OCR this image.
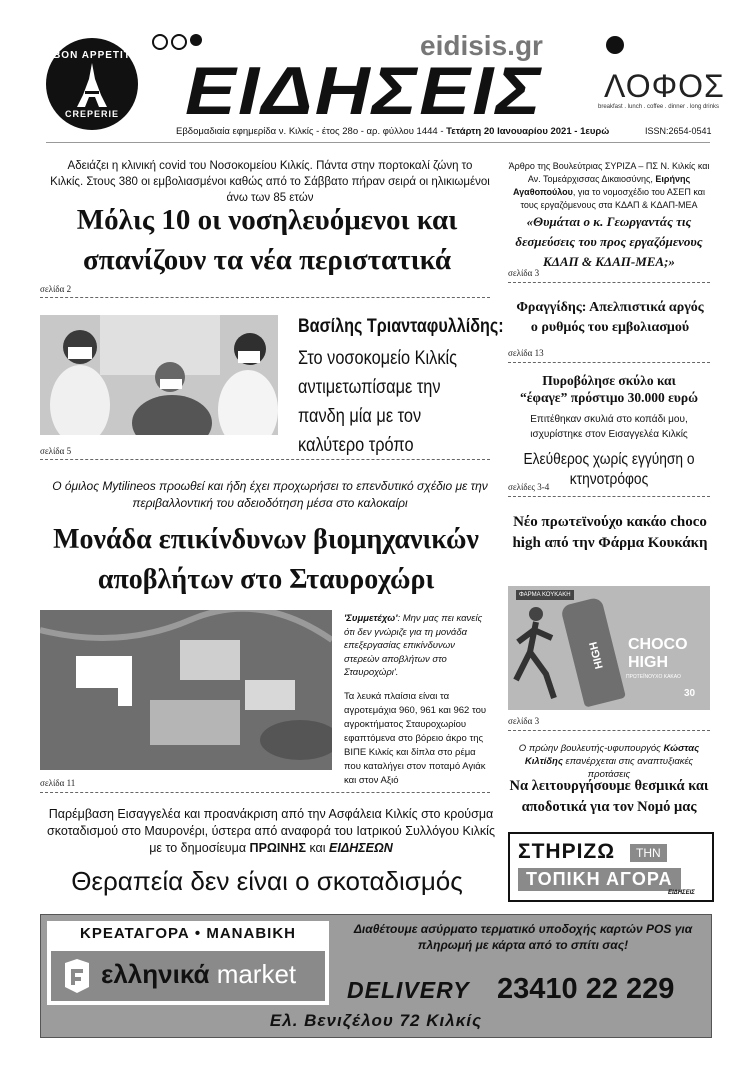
BON APPETIT
CREPERIE
eidisis.gr
ΕΙΔΗΣΕΙΣ ΛΟΦΟΣ
breakfast . lunch . coffee . dinner . long drinks
Εβδομαδιαία εφημερίδα ν. Κιλκίς - έτος 28ο - αρ. φύλλου 1444 - Τετάρτη 20 Ιανουαρίου 2021 - 1ευρώ	ISSN:2654-0541
Αδειάζει η κλινική covid του Νοσοκομείου Κιλκίς. Πάντα στην πορτοκαλί ζώνη το Κιλκίς. Στους 380 οι εμβολιασμένοι καθώς από το Σάββατο πήραν σειρά οι ηλικιωμένοι άνω των 85 ετών
Μόλις 10 οι νοσηλευόμενοι και σπανίζουν τα νέα περιστατικά
σελίδα 2
Βασίλης Τριανταφυλλίδης:
Στο νοσοκομείο Κιλκίς αντιμετωπίσαμε την πανδη μία με τον καλύτερο τρόπο
σελίδα 5
Ο όμιλος Mytilineos προωθεί και ήδη έχει προχωρήσει το επενδυτικό σχέδιο με την περιβαλλοντική του αδειοδότηση μέσα στο καλοκαίρι
Μονάδα επικίνδυνων βιομηχανικών αποβλήτων στο Σταυροχώρι
'Συμμετέχω': Μην μας πει κανείς ότι δεν γνώριζε για τη μονάδα επεξεργασίας επικίνδυνων στερεών αποβλήτων στο Σταυροχώρι'.
Τα λευκά πλαίσια είναι τα αγροτεμάχια 960, 961 και 962 του αγροκτήματος Σταυροχωρίου εφαπτόμενα στο βόρειο άκρο της ΒΙΠΕ Κιλκίς και δίπλα στο ρέμα που καταλήγει στον ποταμό Αγιάκ και στον Αξιό
σελίδα 11
Παρέμβαση Εισαγγελέα και προανάκριση από την Ασφάλεια Κιλκίς στο κρούσμα σκοταδισμού στο Μαυρονέρι, ύστερα από αναφορά του Ιατρικού Συλλόγου Κιλκίς με το δημοσίευμα ΠΡΩΙΝΗΣ και ΕΙΔΗΣΕΩΝ
Θεραπεία δεν είναι ο σκοταδισμός
Άρθρο της Βουλεύτριας ΣΥΡΙΖΑ – ΠΣ Ν. Κιλκίς και Αν. Τομεάρχισσας Δικαιοσύνης, Ειρήνης Αγαθοπούλου, για το νομοσχέδιο του ΑΣΕΠ και τους εργαζόμενους στα ΚΔΑΠ & ΚΔΑΠ-ΜΕΑ
«Θυμάται ο κ. Γεωργαντάς τις δεσμεύσεις του προς εργαζόμενους ΚΔΑΠ & ΚΔΑΠ-ΜΕΑ;»
σελίδα 3
Φραγγίδης: Απελπιστικά αργός ο ρυθμός του εμβολιασμού
σελίδα 13
Πυροβόλησε σκύλο και
“έφαγε” πρόστιμο 30.000 ευρώ
Επιτέθηκαν σκυλιά στο κοπάδι μου, ισχυρίστηκε στον Εισαγγελέα Κιλκίς
Ελεύθερος χωρίς εγγύηση ο κτηνοτρόφος
σελίδες 3-4
Νέο πρωτεϊνούχο κακάο choco high από την Φάρμα Κουκάκη
ΦΑΡΜΑ ΚΟΥΚΑΚΗ
HIGH CHOCO
HIGH
ΠΡΩΤΕΪΝΟΥΧΟ ΚΑΚΑΟ
30
σελίδα 3
Ο πρώην βουλευτής-υφυπουργός Κώστας Κιλτίδης επανέρχεται στις αναπτυξιακές προτάσεις
Να λειτουργήσουμε θεσμικά και αποδοτικά για τον Νομό μας
ΣΤΗΡΙΖΩ	ΤΗΝ
ΤΟΠΙΚΗ ΑΓΟΡΑ
ΕΙΔΗΣΕΙΣ
ΚΡΕΑΤΑΓΟΡΑ • ΜΑΝΑΒΙΚΗ
ελληνικά market
Διαθέτουμε ασύρματο τερματικό υποδοχής καρτών POS για πληρωμή με κάρτα από το σπίτι σας!
DELIVERY 23410 22 229
Ελ. Βενιζέλου 72 Κιλκίς
